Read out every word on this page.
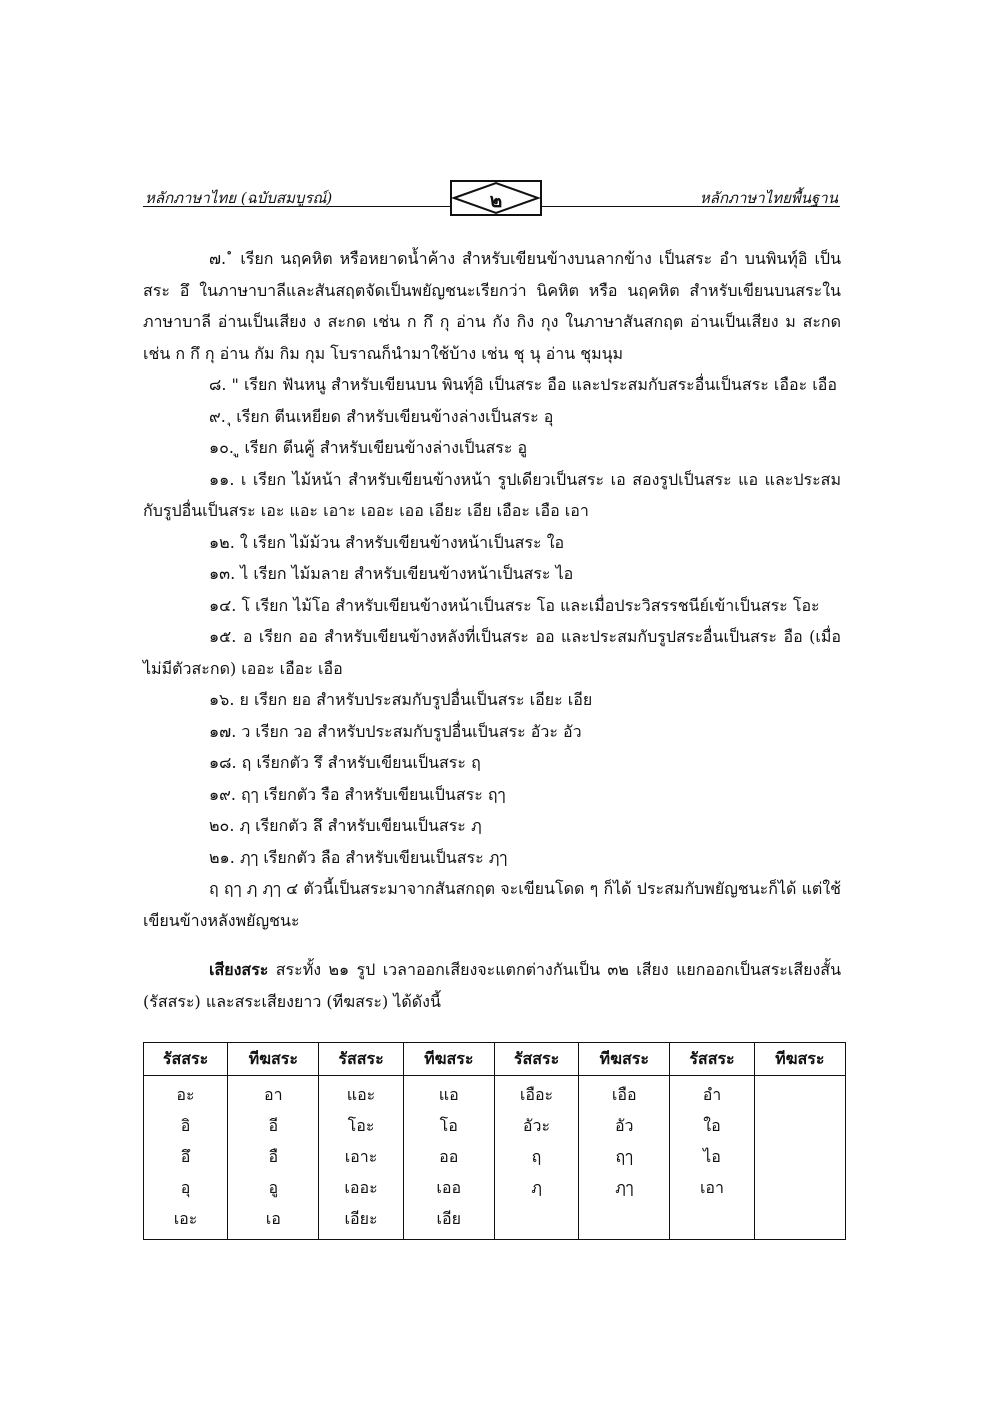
หลักภาษาไทย (ฉบับสมบูรณ์)	๒	หลักภาษาไทยพื้นฐาน

๗. ํ เรียก นฤคหิต หรือหยาดน้ำค้าง สำหรับเขียนข้างบนลากข้าง เป็นสระ อำ บนพินทุ์อิ เป็นสระ อึ ในภาษาบาลีและสันสฤตจัดเป็นพยัญชนะเรียกว่า นิคหิต หรือ นฤคหิต สำหรับเขียนบนสระในภาษาบาลี อ่านเป็นเสียง ง สะกด เช่น ก กึ กุ อ่าน กัง กิง กุง ในภาษาสันสกฤต อ่านเป็นเสียง ม สะกด เช่น ก กึ กุ อ่าน กัม กิม กุม โบราณก็นำมาใช้บ้าง เช่น ชุ นุ อ่าน ชุมนุม

๘. " เรียก ฟันหนู สำหรับเขียนบน พินทุ์อิ เป็นสระ อือ และประสมกับสระอื่นเป็นสระ เอือะ เอือ

๙. ุ เรียก ตีนเหยียด สำหรับเขียนข้างล่างเป็นสระ อุ

๑๐. ู เรียก ตีนคู้ สำหรับเขียนข้างล่างเป็นสระ อู

๑๑. เ เรียก ไม้หน้า สำหรับเขียนข้างหน้า รูปเดียวเป็นสระ เอ สองรูปเป็นสระ แอ และประสมกับรูปอื่นเป็นสระ เอะ แอะ เอาะ เออะ เออ เอียะ เอีย เอือะ เอือ เอา

๑๒. ใ เรียก ไม้ม้วน สำหรับเขียนข้างหน้าเป็นสระ ใอ

๑๓. ไ เรียก ไม้มลาย สำหรับเขียนข้างหน้าเป็นสระ ไอ

๑๔. โ เรียก ไม้โอ สำหรับเขียนข้างหน้าเป็นสระ โอ และเมื่อประวิสรรชนีย์เข้าเป็นสระ โอะ

๑๕. อ เรียก ออ สำหรับเขียนข้างหลังที่เป็นสระ ออ และประสมกับรูปสระอื่นเป็นสระ อือ (เมื่อไม่มีตัวสะกด) เออะ เอือะ เอือ

๑๖. ย เรียก ยอ สำหรับประสมกับรูปอื่นเป็นสระ เอียะ เอีย

๑๗. ว เรียก วอ สำหรับประสมกับรูปอื่นเป็นสระ อัวะ อัว

๑๘. ฤ เรียกตัว รึ สำหรับเขียนเป็นสระ ฤ

๑๙. ฤๅ เรียกตัว รือ สำหรับเขียนเป็นสระ ฤๅ

๒๐. ฦ เรียกตัว ลึ สำหรับเขียนเป็นสระ ฦ

๒๑. ฦๅ เรียกตัว ลือ สำหรับเขียนเป็นสระ ฦๅ

ฤ ฤๅ ฦ ฦๅ ๔ ตัวนี้เป็นสระมาจากสันสกฤต จะเขียนโดด ๆ ก็ได้ ประสมกับพยัญชนะก็ได้ แต่ใช้เขียนข้างหลังพยัญชนะ

เสียงสระ สระทั้ง ๒๑ รูป เวลาออกเสียงจะแตกต่างกันเป็น ๓๒ เสียง แยกออกเป็นสระเสียงสั้น (รัสสระ) และสระเสียงยาว (ทีฆสระ) ได้ดังนี้

รัสสระ	ทีฆสระ	รัสสระ	ทีฆสระ	รัสสระ	ทีฆสระ	รัสสระ	ทีฆสระ
อะ	อา	แอะ	แอ	เอือะ	เอือ	อำ	
อิ	อี	โอะ	โอ	อัวะ	อัว	ใอ	
อึ	อื	เอาะ	ออ	ฤ	ฤๅ	ไอ	
อุ	อู	เออะ	เออ	ฦ	ฦๅ	เอา	
เอะ	เอ	เอียะ	เอีย				
